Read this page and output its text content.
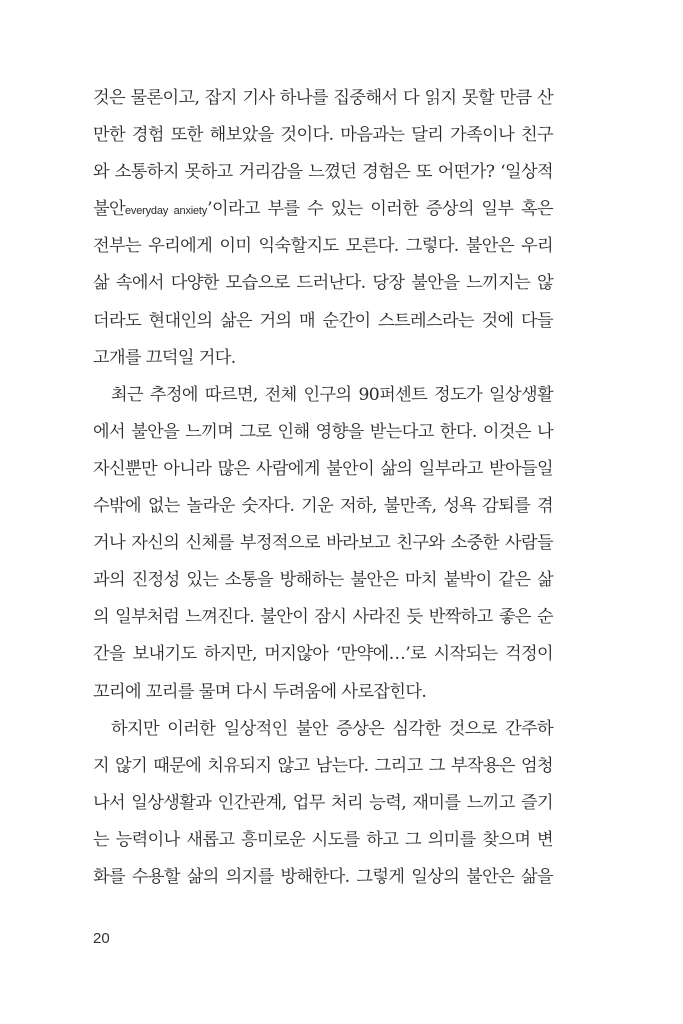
것은 물론이고, 잡지 기사 하나를 집중해서 다 읽지 못할 만큼 산
만한 경험 또한 해보았을 것이다. 마음과는 달리 가족이나 친구
와 소통하지 못하고 거리감을 느꼈던 경험은 또 어떤가? ‘일상적
불안everyday anxiety’이라고 부를 수 있는 이러한 증상의 일부 혹은
전부는 우리에게 이미 익숙할지도 모른다. 그렇다. 불안은 우리
삶 속에서 다양한 모습으로 드러난다. 당장 불안을 느끼지는 않
더라도 현대인의 삶은 거의 매 순간이 스트레스라는 것에 다들
고개를 끄덕일 거다.
최근 추정에 따르면, 전체 인구의 90퍼센트 정도가 일상생활
에서 불안을 느끼며 그로 인해 영향을 받는다고 한다. 이것은 나
자신뿐만 아니라 많은 사람에게 불안이 삶의 일부라고 받아들일
수밖에 없는 놀라운 숫자다. 기운 저하, 불만족, 성욕 감퇴를 겪
거나 자신의 신체를 부정적으로 바라보고 친구와 소중한 사람들
과의 진정성 있는 소통을 방해하는 불안은 마치 붙박이 같은 삶
의 일부처럼 느껴진다. 불안이 잠시 사라진 듯 반짝하고 좋은 순
간을 보내기도 하지만, 머지않아 ‘만약에…’로 시작되는 걱정이
꼬리에 꼬리를 물며 다시 두려움에 사로잡힌다.
하지만 이러한 일상적인 불안 증상은 심각한 것으로 간주하
지 않기 때문에 치유되지 않고 남는다. 그리고 그 부작용은 엄청
나서 일상생활과 인간관계, 업무 처리 능력, 재미를 느끼고 즐기
는 능력이나 새롭고 흥미로운 시도를 하고 그 의미를 찾으며 변
화를 수용할 삶의 의지를 방해한다. 그렇게 일상의 불안은 삶을
20
